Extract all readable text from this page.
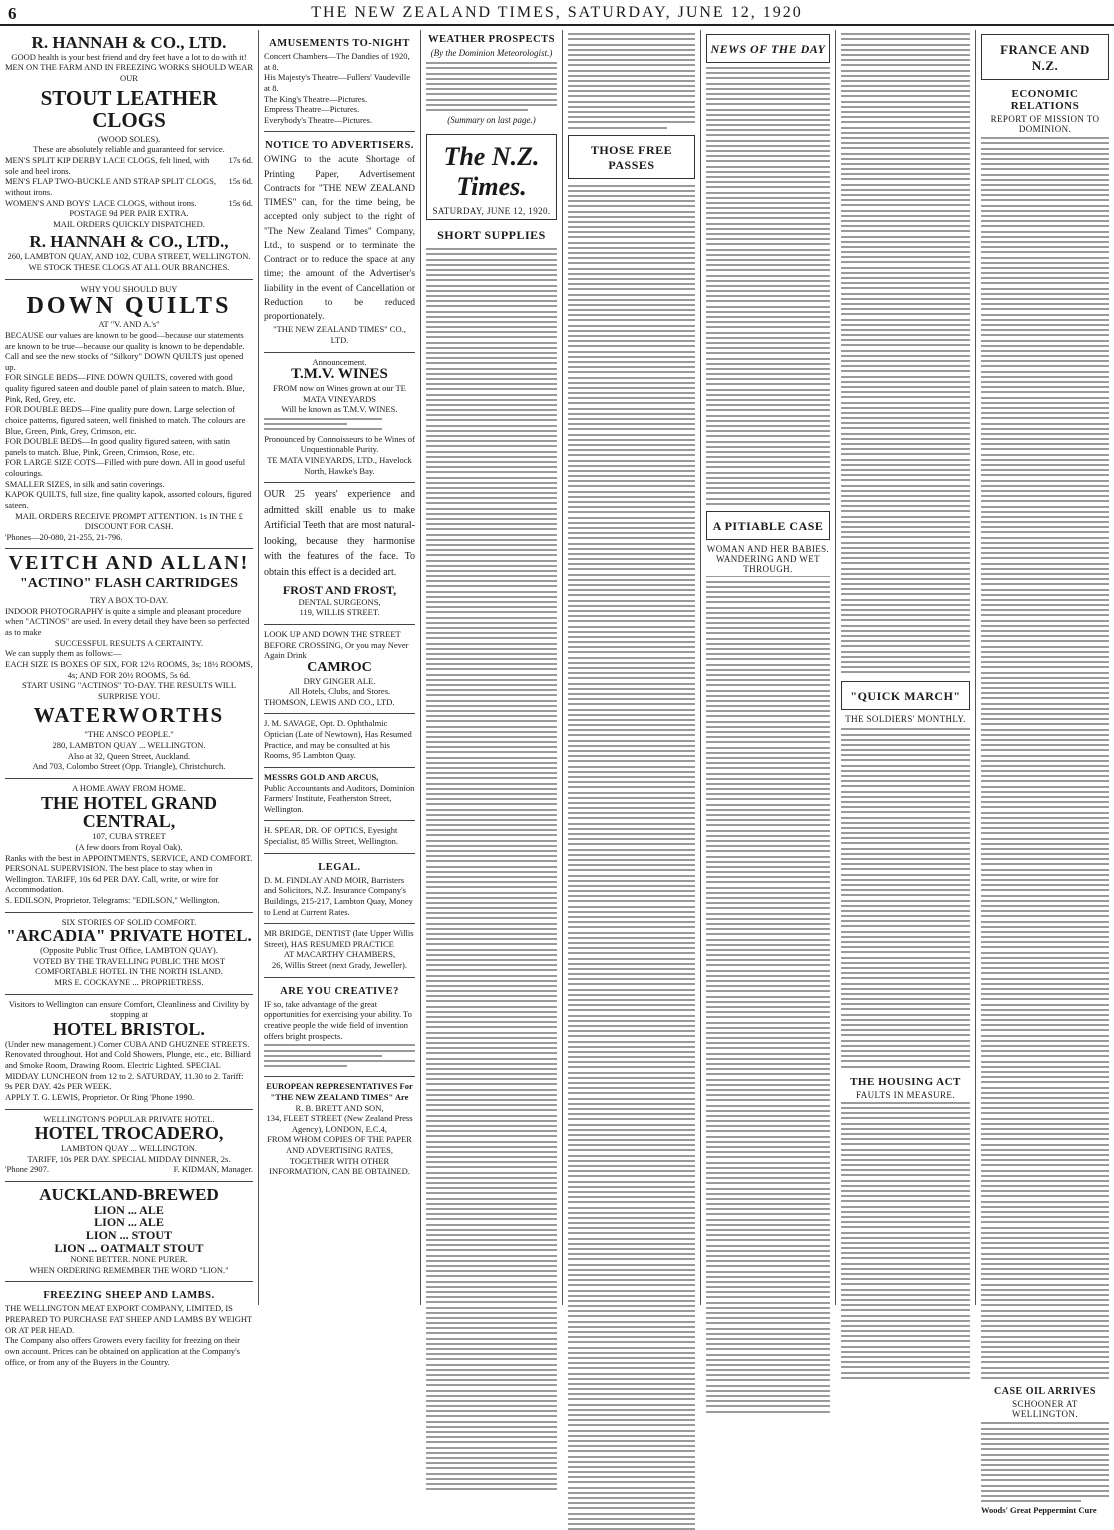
6	THE NEW ZEALAND TIMES, SATURDAY, JUNE 12, 1920
R. HANNAH & CO., LTD.
GOOD health is your best friend and dry feet have a lot to do with it!
MEN ON THE FARM AND IN FREEZING WORKS SHOULD WEAR OUR
STOUT LEATHER CLOGS
(WOOD SOLES).
These are absolutely reliable and guaranteed for service.
MEN'S SPLIT KIP DERBY LACE CLOGS, felt lined, with sole and heel irons.
17s 6d.
MEN'S FLAP TWO-BUCKLE AND STRAP SPLIT CLOGS, without irons.
15s 6d.
WOMEN'S AND BOYS' LACE CLOGS, without irons.	15s 6d.
POSTAGE 9d PER PAIR EXTRA.
MAIL ORDERS QUICKLY DISPATCHED.
R. HANNAH & CO., LTD.,
260, LAMBTON QUAY, AND 102, CUBA STREET, WELLINGTON.
WE STOCK THESE CLOGS AT ALL OUR BRANCHES.
WHY YOU SHOULD BUY
DOWN QUILTS
AT "V. AND A.'s"
BECAUSE our values are known to be good—because our statements are known to be true—because our quality is known to be dependable.
Call and see the new stocks of "Silkory" DOWN QUILTS just opened up.
FOR SINGLE BEDS—FINE DOWN QUILTS, covered with good quality figured sateen and double panel of plain sateen to match. Blue, Pink, Red, Grey, etc.
FOR DOUBLE BEDS—Fine quality pure down. Large selection of choice patterns, figured sateen, well finished to match. The colours are Blue, Green, Pink, Grey, Crimson, etc.
FOR DOUBLE BEDS—In good quality figured sateen, with satin panels to match. Blue, Pink, Green, Crimson, Rose, etc.
FOR LARGE SIZE COTS—Filled with pure down. All in good useful colourings.
SMALLER SIZES, in silk and satin coverings.
KAPOK QUILTS, full size, fine quality kapok, assorted colours, figured sateen.
MAIL ORDERS RECEIVE PROMPT ATTENTION. 1s IN THE £ DISCOUNT FOR CASH.
'Phones—20-080, 21-255, 21-796.
VEITCH AND ALLAN!
"ACTINO" FLASH CARTRIDGES
TRY A BOX TO-DAY.
INDOOR PHOTOGRAPHY is quite a simple and pleasant procedure when "ACTINOS" are used. In every detail they have been so perfected as to make
SUCCESSFUL RESULTS A CERTAINTY.
We can supply them as follows:—
EACH SIZE IS BOXES OF SIX, FOR 12½ ROOMS, 3s; 18½ ROOMS, 4s; AND FOR 20½ ROOMS, 5s 6d.
START USING "ACTINOS" TO-DAY. THE RESULTS WILL SURPRISE YOU.
WATERWORTHS
"THE ANSCO PEOPLE."
280, LAMBTON QUAY ... WELLINGTON.
Also at 32, Queen Street, Auckland.
And 703, Colombo Street (Opp. Triangle), Christchurch.
A HOME AWAY FROM HOME.
THE HOTEL GRAND CENTRAL,
107, CUBA STREET
(A few doors from Royal Oak).
Ranks with the best in APPOINTMENTS, SERVICE, AND COMFORT. PERSONAL SUPERVISION. The best place to stay when in Wellington. TARIFF, 10s 6d PER DAY. Call, write, or wire for Accommodation.
S. EDILSON, Proprietor. Telegrams: "EDILSON," Wellington.
SIX STORIES OF SOLID COMFORT.
"ARCADIA" PRIVATE HOTEL.
(Opposite Public Trust Office, LAMBTON QUAY).
VOTED BY THE TRAVELLING PUBLIC THE MOST COMFORTABLE HOTEL IN THE NORTH ISLAND.
MRS E. COCKAYNE ... PROPRIETRESS.
Visitors to Wellington can ensure Comfort, Cleanliness and Civility by stopping at
HOTEL BRISTOL.
(Under new management.) Corner CUBA AND GHUZNEE STREETS. Renovated throughout. Hot and Cold Showers, Plunge, etc., etc. Billiard and Smoke Room, Drawing Room. Electric Lighted. SPECIAL MIDDAY LUNCHEON from 12 to 2. SATURDAY, 11.30 to 2. Tariff: 9s PER DAY. 42s PER WEEK.
APPLY T. G. LEWIS, Proprietor. Or Ring 'Phone 1990.
WELLINGTON'S POPULAR PRIVATE HOTEL.
HOTEL TROCADERO,
LAMBTON QUAY ... WELLINGTON.
TARIFF, 10s PER DAY. SPECIAL MIDDAY DINNER, 2s.
'Phone 2907.	F. KIDMAN, Manager.
AUCKLAND-BREWED
LION ... ALE
LION ... ALE
LION ... STOUT
LION ... OATMALT STOUT
NONE BETTER. NONE PURER.
WHEN ORDERING REMEMBER THE WORD "LION."
FREEZING SHEEP AND LAMBS.
THE WELLINGTON MEAT EXPORT COMPANY, LIMITED, IS PREPARED TO PURCHASE FAT SHEEP AND LAMBS BY WEIGHT OR AT PER HEAD.
The Company also offers Growers every facility for freezing on their own account. Prices can be obtained on application at the Company's office, or from any of the Buyers in the Country.
AMUSEMENTS TO-NIGHT
Concert Chambers—The Dandies of 1920, at 8.
His Majesty's Theatre—Fullers' Vaudeville at 8.
The King's Theatre—Pictures.
Empress Theatre—Pictures.
Everybody's Theatre—Pictures.
NOTICE TO ADVERTISERS.
OWING to the acute Shortage of Printing Paper, Advertisement Contracts for "THE NEW ZEALAND TIMES" can, for the time being, be accepted only subject to the right of "The New Zealand Times" Company, Ltd., to suspend or to terminate the Contract or to reduce the space at any time; the amount of the Advertiser's liability in the event of Cancellation or Reduction to be reduced proportionately.
"THE NEW ZEALAND TIMES" CO., LTD.
Announcement.
T.M.V. WINES
FROM now on Wines grown at our TE MATA VINEYARDS
Will be known as T.M.V. WINES.
Pronounced by Connoisseurs to be Wines of Unquestionable Purity.
TE MATA VINEYARDS, LTD., Havelock North, Hawke's Bay.
OUR 25 years' experience and admitted skill enable us to make Artificial Teeth that are most natural-looking, because they harmonise with the features of the face. To obtain this effect is a decided art.
FROST AND FROST,
DENTAL SURGEONS,
119, WILLIS STREET.
LOOK UP AND DOWN THE STREET BEFORE CROSSING, Or you may Never Again Drink
CAMROC
DRY GINGER ALE.
All Hotels, Clubs, and Stores.
THOMSON, LEWIS AND CO., LTD.
J. M. SAVAGE, Opt. D. Ophthalmic Optician (Late of Newtown), Has Resumed Practice, and may be consulted at his Rooms, 95 Lambton Quay.
MESSRS GOLD AND ARCUS,
Public Accountants and Auditors, Dominion Farmers' Institute, Featherston Street, Wellington.
H. SPEAR, DR. OF OPTICS, Eyesight Specialist, 85 Willis Street, Wellington.
LEGAL.
D. M. FINDLAY AND MOIR, Barristers and Solicitors, N.Z. Insurance Company's Buildings, 215-217, Lambton Quay, Money to Lend at Current Rates.
MR BRIDGE, DENTIST (late Upper Willis Street), HAS RESUMED PRACTICE
AT MACARTHY CHAMBERS,
26, Willis Street (next Grady, Jeweller).
ARE YOU CREATIVE?
IF so, take advantage of the great opportunities for exercising your ability. To creative people the wide field of invention offers bright prospects.
EUROPEAN REPRESENTATIVES For "THE NEW ZEALAND TIMES" Are
R. B. BRETT AND SON,
134, FLEET STREET (New Zealand Press Agency), LONDON, E.C.4,
FROM WHOM COPIES OF THE PAPER AND ADVERTISING RATES, TOGETHER WITH OTHER INFORMATION, CAN BE OBTAINED.
WEATHER PROSPECTS
(By the Dominion Meteorologist.)
(Summary on last page.)
The N.Z. Times.
SATURDAY, JUNE 12, 1920.
SHORT SUPPLIES
THOSE FREE PASSES
NEWS OF THE DAY	FRANCE AND N.Z.
ECONOMIC RELATIONS
REPORT OF MISSION TO DOMINION.
CASE OIL ARRIVES
SCHOONER AT WELLINGTON.
Woods' Great Peppermint Cure
A PITIABLE CASE
WOMAN AND HER BABIES.
WANDERING AND WET THROUGH.
"QUICK MARCH"
THE SOLDIERS' MONTHLY.
THE HOUSING ACT
FAULTS IN MEASURE.
